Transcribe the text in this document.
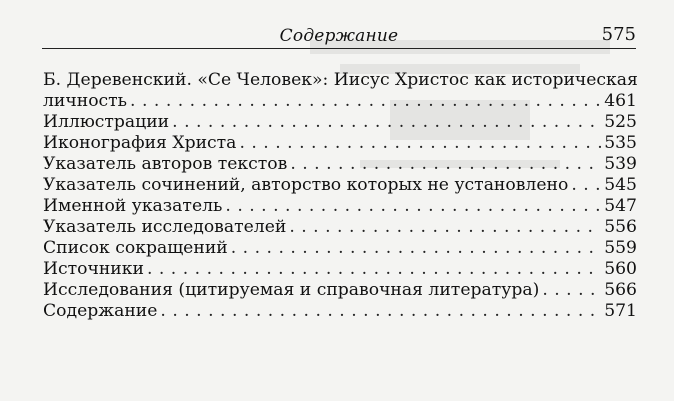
Содержание	575
Б. Деревенский. «Се Человек»: Иисус Христос как историческая
личность . . .	461
Иллюстрации . . .	525
Иконография Христа . . .	535
Указатель авторов текстов . . .	539
Указатель сочинений, авторство которых не установлено . . . 545
Именной указатель . . .	547
Указатель исследователей . . .	556
Список сокращений . . .	559
Источники . . .	560
Исследования (цитируемая и справочная литература) . . .	566
Содержание . . .	571
